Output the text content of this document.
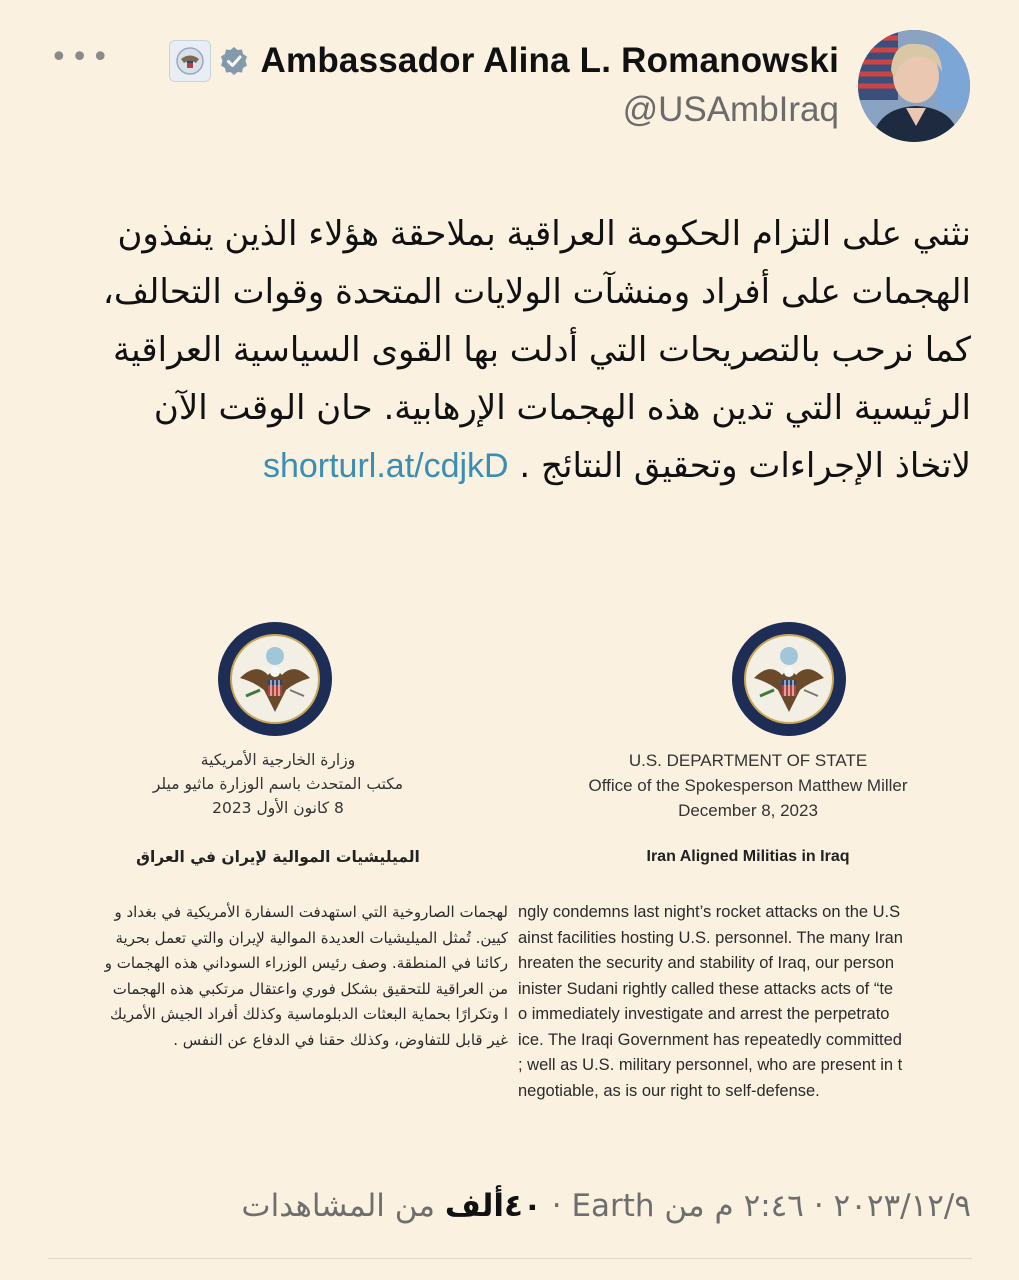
•••	Ambassador Alina L. Romanowski
@USAmbIraq
نثني على التزام الحكومة العراقية بملاحقة هؤلاء الذين ينفذون الهجمات على أفراد ومنشآت الولايات المتحدة وقوات التحالف، كما نرحب بالتصريحات التي أدلت بها القوى السياسية العراقية الرئيسية التي تدين هذه الهجمات الإرهابية. حان الوقت الآن لاتخاذ الإجراءات وتحقيق النتائج . shorturl.at/cdjkD
وزارة الخارجية الأمريكية
مكتب المتحدث باسم الوزارة ماثيو ميلر
8 كانون الأول 2023
الميليشيات الموالية لإيران في العراق
لهجمات الصاروخية التي استهدفت السفارة الأمريكية في بغداد و
كيين. تُمثل الميليشيات العديدة الموالية لإيران والتي تعمل بحرية
ركائنا في المنطقة. وصف رئيس الوزراء السوداني هذه الهجمات و
من العراقية للتحقيق بشكل فوري واعتقال مرتكبي هذه الهجمات
ا وتكرارًا بحماية البعثات الدبلوماسية وكذلك أفراد الجيش الأمريك
غير قابل للتفاوض، وكذلك حقنا في الدفاع عن النفس .
U.S. DEPARTMENT OF STATE
Office of the Spokesperson Matthew Miller
December 8, 2023
Iran Aligned Militias in Iraq
ngly condemns last night’s rocket attacks on the U.S
ainst facilities hosting U.S. personnel. The many Iran
hreaten the security and stability of Iraq, our person
inister Sudani rightly called these attacks acts of “te
o immediately investigate and arrest the perpetrato
ice. The Iraqi Government has repeatedly committed
; well as U.S. military personnel, who are present in t
negotiable, as is our right to self-defense.
٢٠٢٣/١٢/٩ · ٢:٤٦ م من Earth · ٤٠ألف من المشاهدات
